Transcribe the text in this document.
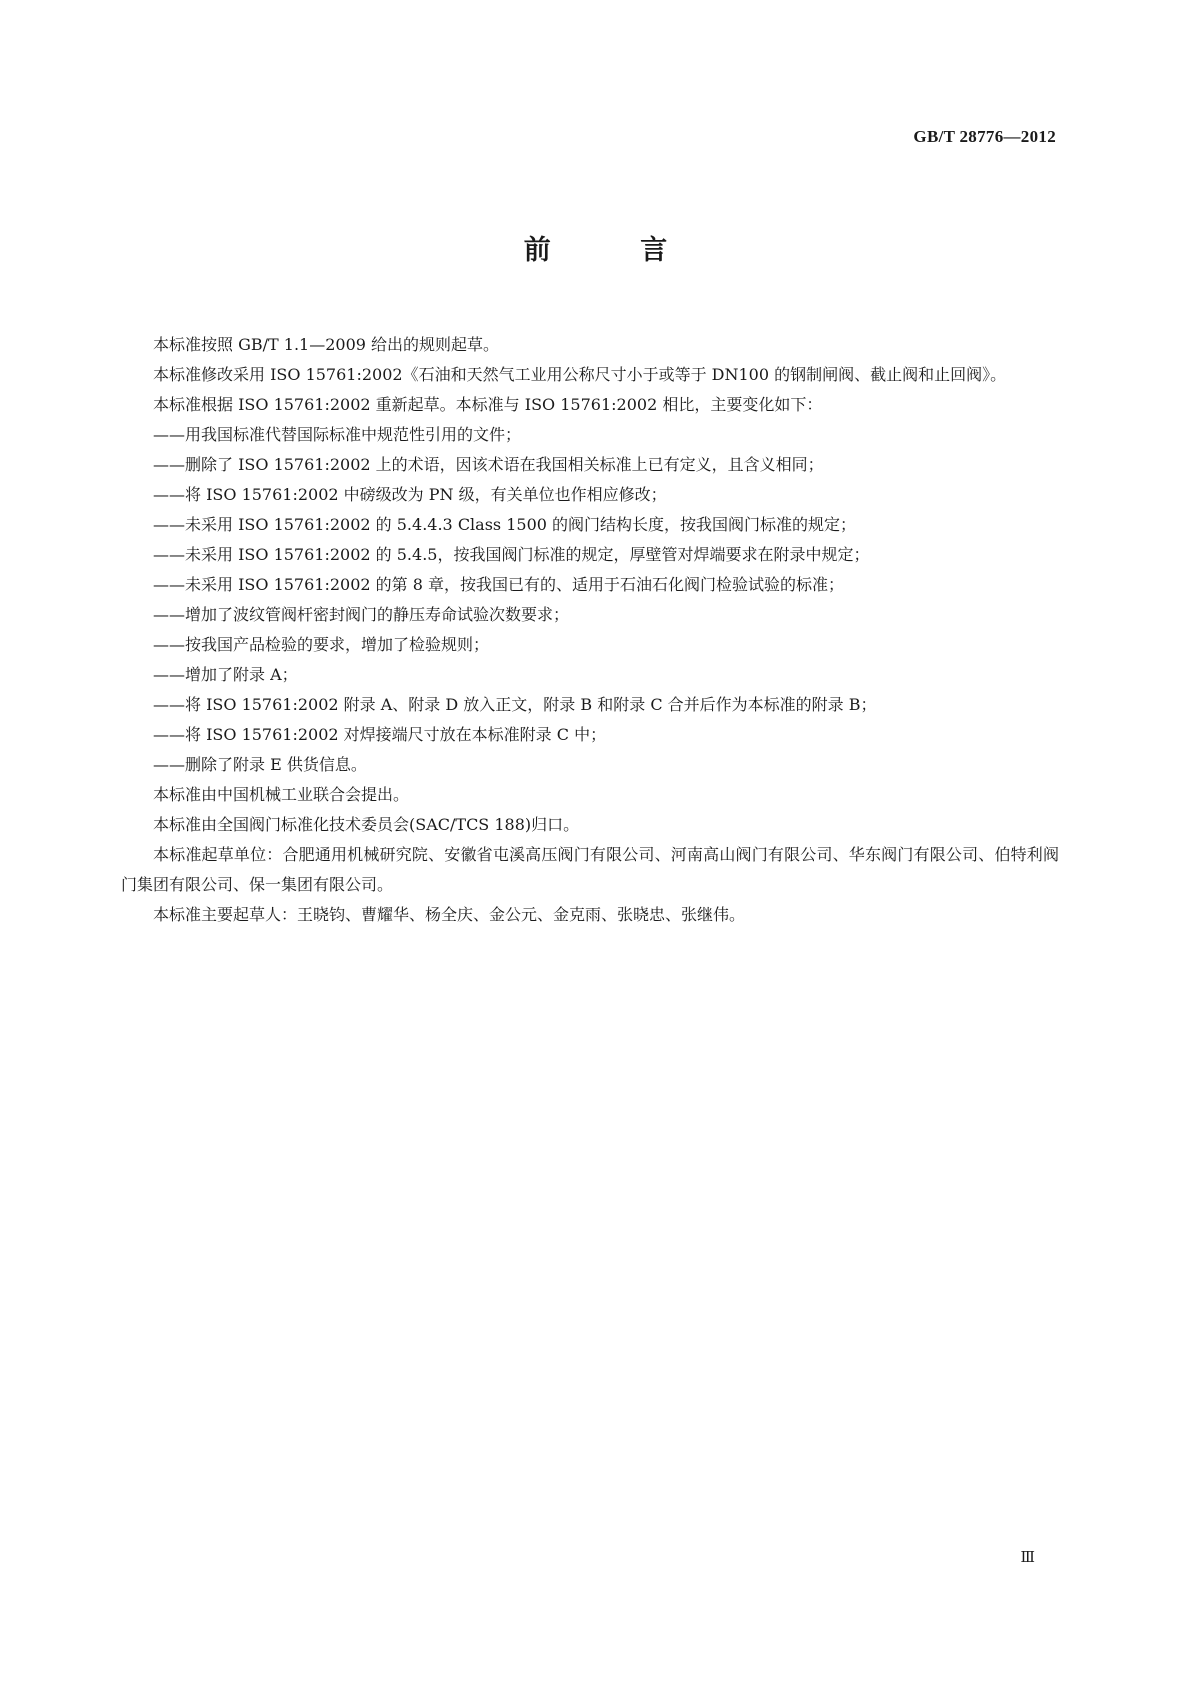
GB/T 28776—2012
前 言

本标准按照 GB/T 1.1—2009 给出的规则起草。

本标准修改采用 ISO 15761:2002《石油和天然气工业用公称尺寸小于或等于 DN100 的钢制闸阀、截止阀和止回阀》。

本标准根据 ISO 15761:2002 重新起草。本标准与 ISO 15761:2002 相比，主要变化如下：

——用我国标准代替国际标准中规范性引用的文件；

——删除了 ISO 15761:2002 上的术语，因该术语在我国相关标准上已有定义，且含义相同；

——将 ISO 15761:2002 中磅级改为 PN 级，有关单位也作相应修改；

——未采用 ISO 15761:2002 的 5.4.4.3 Class 1500 的阀门结构长度，按我国阀门标准的规定；

——未采用 ISO 15761:2002 的 5.4.5，按我国阀门标准的规定，厚壁管对焊端要求在附录中规定；

——未采用 ISO 15761:2002 的第 8 章，按我国已有的、适用于石油石化阀门检验试验的标准；

——增加了波纹管阀杆密封阀门的静压寿命试验次数要求；

——按我国产品检验的要求，增加了检验规则；

——增加了附录 A；

——将 ISO 15761:2002 附录 A、附录 D 放入正文，附录 B 和附录 C 合并后作为本标准的附录 B；

——将 ISO 15761:2002 对焊接端尺寸放在本标准附录 C 中；

——删除了附录 E 供货信息。

本标准由中国机械工业联合会提出。

本标准由全国阀门标准化技术委员会(SAC/TCS 188)归口。

本标准起草单位：合肥通用机械研究院、安徽省屯溪高压阀门有限公司、河南高山阀门有限公司、华东阀门有限公司、伯特利阀门集团有限公司、保一集团有限公司。

本标准主要起草人：王晓钧、曹耀华、杨全庆、金公元、金克雨、张晓忠、张继伟。

Ⅲ
